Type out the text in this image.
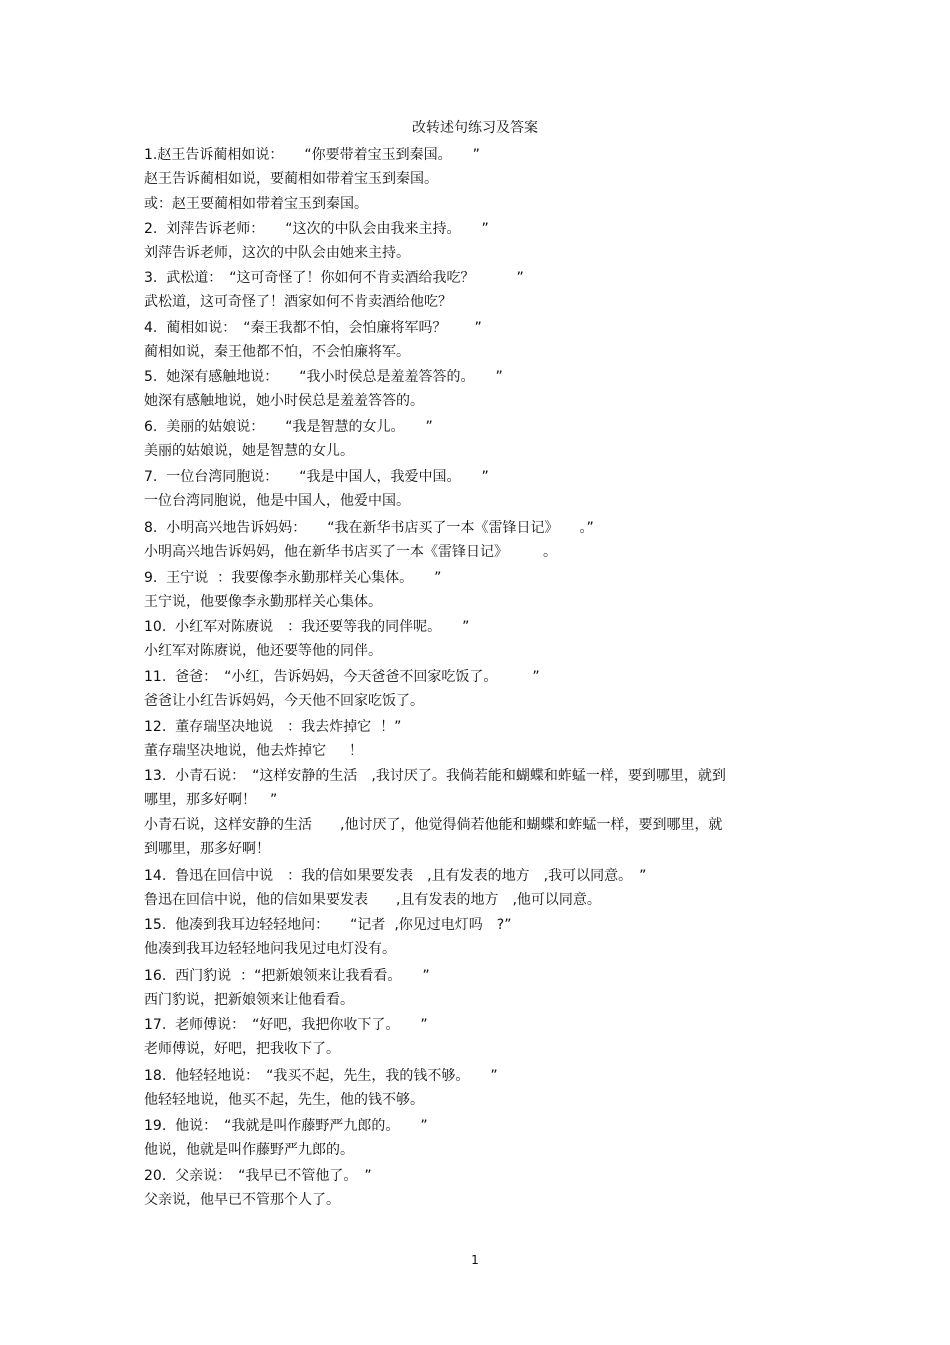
改转述句练习及答案
1.赵王告诉蔺相如说：　　“你要带着宝玉到秦国。　　”
赵王告诉蔺相如说，要蔺相如带着宝玉到秦国。
或：赵王要蔺相如带着宝玉到秦国。
2.  刘萍告诉老师：　　“这次的中队会由我来主持。　　”
刘萍告诉老师，这次的中队会由她来主持。
3.  武松道：　“这可奇怪了！你如何不肯卖酒给我吃？　　　”
武松道，这可奇怪了！酒家如何不肯卖酒给他吃？
4.  蔺相如说：　“秦王我都不怕，会怕廉将军吗？　　”
蔺相如说，秦王他都不怕，不会怕廉将军。
5.  她深有感触地说：　　“我小时侯总是羞羞答答的。　　”
她深有感触地说，她小时侯总是羞羞答答的。
6.  美丽的姑娘说：　　“我是智慧的女儿。　　”
美丽的姑娘说，她是智慧的女儿。
7.  一位台湾同胞说：　　“我是中国人，我爱中国。　　”
一位台湾同胞说，他是中国人，他爱中国。
8.  小明高兴地告诉妈妈：　　“我在新华书店买了一本《雷锋日记》　　。”
小明高兴地告诉妈妈，他在新华书店买了一本《雷锋日记》　　　。
9.  王宁说  ：我要像李永勤那样关心集体。　　”
王宁说，他要像李永勤那样关心集体。
10.  小红军对陈赓说　：我还要等我的同伴呢。　　”
小红军对陈赓说，他还要等他的同伴。
11.  爸爸：　“小红，告诉妈妈，今天爸爸不回家吃饭了。　　　”
爸爸让小红告诉妈妈，今天他不回家吃饭了。
12.  董存瑞坚决地说　：我去炸掉它  ！”
董存瑞坚决地说，他去炸掉它　  ！
13.  小青石说：　“这样安静的生活　,我讨厌了。我倘若能和蝴蝶和蚱蜢一样，要到哪里，就到
哪里，那多好啊！　”
小青石说，这样安静的生活　　,他讨厌了，他觉得倘若他能和蝴蝶和蚱蜢一样，要到哪里，就
到哪里，那多好啊！
14.  鲁迅在回信中说　：我的信如果要发表　,且有发表的地方　,我可以同意。　”
鲁迅在回信中说，他的信如果要发表　　,且有发表的地方　,他可以同意。
15.  他凑到我耳边轻轻地问：　　“记者  ,你见过电灯吗　?”
他凑到我耳边轻轻地问我见过电灯没有。
16.  西门豹说  ：“把新娘领来让我看看。　　”
西门豹说，把新娘领来让他看看。
17.  老师傅说：　“好吧，我把你收下了。　　”
老师傅说，好吧，把我收下了。
18.  他轻轻地说：　“我买不起，先生，我的钱不够。　　”
他轻轻地说，他买不起，先生，他的钱不够。
19.  他说：　“我就是叫作藤野严九郎的。　　”
他说，他就是叫作藤野严九郎的。
20.  父亲说：　“我早已不管他了。　”
父亲说，他早已不管那个人了。
1
